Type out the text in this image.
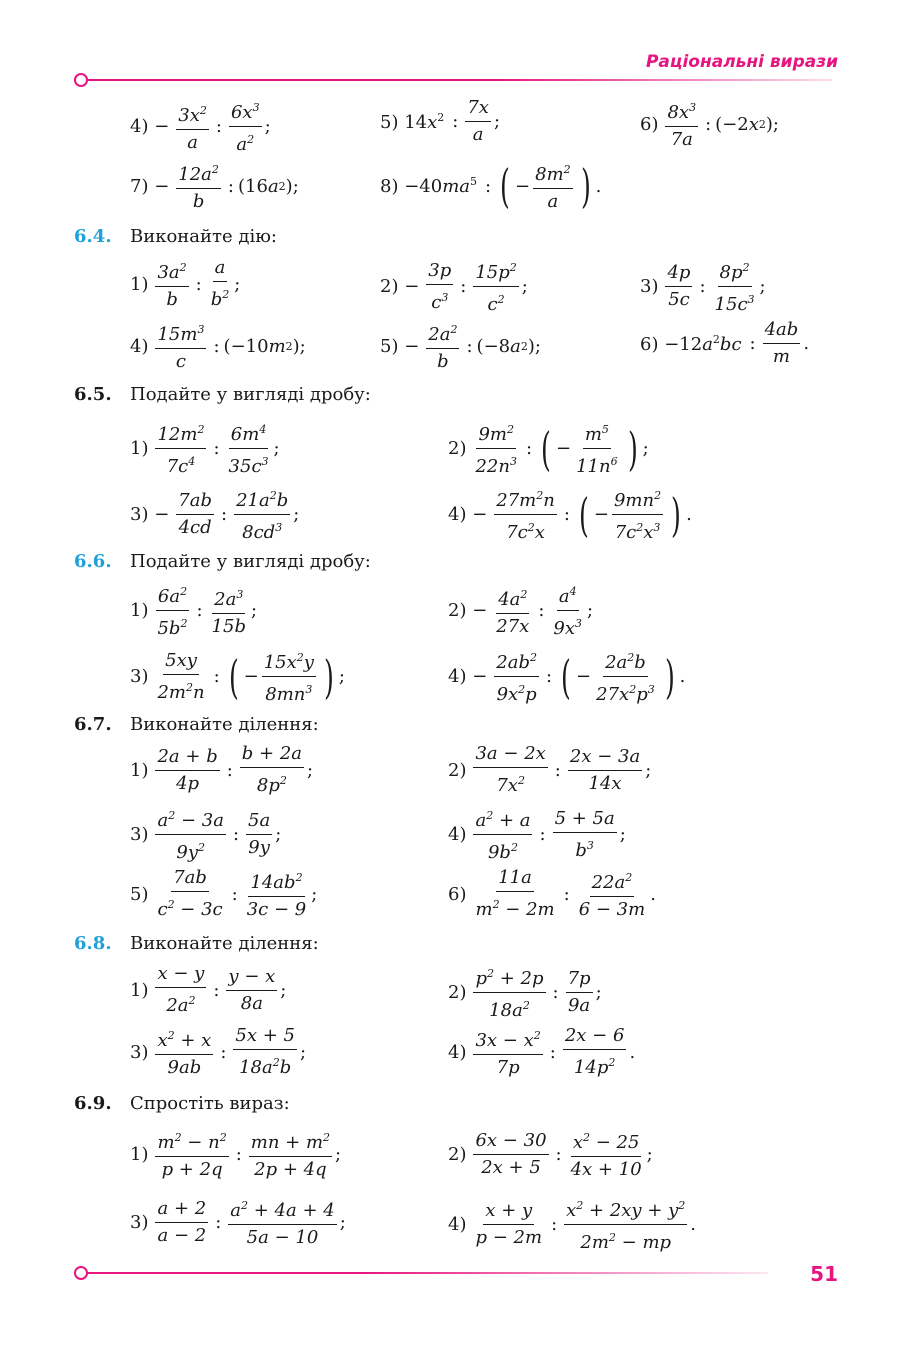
Раціональні вирази
$4) - \frac{3x^2}{a}$ : $\frac{6x^3}{a^2}$ ;	5) $14x^2$ : $\frac{7x}{a}$ ;	$6) \frac{8x^3}{7a}$ : (−2 x 2 );
$7) - \frac{12a^2}{b}$ : (16 a 2 );	$8) -40ma^5$ : ( − $\frac{8m^2}{a}$ ) .
6.4. Виконайте дію:
$1) \frac{3a^2}{b}$ : $\frac{a}{b^2}$ ;	$2) - \frac{3p}{c^3}$ : $\frac{15p^2}{c^2}$ ;	$3) \frac{4p}{5c}$ : $\frac{8p^2}{15c^3}$ ;
$4) \frac{15m^3}{c}$ : (−10 m 2 );	$5) - \frac{2a^2}{b}$ : (−8 a 2 );	$6) -12a^2bc$ : $\frac{4ab}{m}$ .
6.5. Подайте у вигляді дробу:
$1) \frac{12m^2}{7c^4}$ : $\frac{6m^4}{35c^3}$ ;	$2) \frac{9m^2}{22n^3}$ : ( − $\frac{m^5}{11n^6}$ ) ;
$3) - \frac{7ab}{4cd}$ : $\frac{21a^2b}{8cd^3}$ ;	$4) - \frac{27m^2n}{7c^2x}$ : ( − $\frac{9mn^2}{7c^2x^3}$ ) .
6.6. Подайте у вигляді дробу:
$1) \frac{6a^2}{5b^2}$ : $\frac{2a^3}{15b}$ ;	$2) - \frac{4a^2}{27x}$ : $\frac{a^4}{9x^3}$ ;
$3) \frac{5xy}{2m^2n}$ : ( − $\frac{15x^2y}{8mn^3}$ ) ;	$4) - \frac{2ab^2}{9x^2p}$ : ( − $\frac{2a^2b}{27x^2p^3}$ ) .
6.7. Виконайте ділення:
$1) \frac{2a + b}{4p}$ : $\frac{b + 2a}{8p^2}$ ;	$2) \frac{3a - 2x}{7x^2}$ : $\frac{2x - 3a}{14x}$ ;
$3) \frac{a^2 - 3a}{9y^2}$ : $\frac{5a}{9y}$ ;	$4) \frac{a^2 + a}{9b^2}$ : $\frac{5 + 5a}{b^3}$ ;
$5) \frac{7ab}{c^2 - 3c}$ : $\frac{14ab^2}{3c - 9}$ ;	$6) \frac{11a}{m^2 - 2m}$ : $\frac{22a^2}{6 - 3m}$ .
6.8. Виконайте ділення:
$1) \frac{x - y}{2a^2}$ : $\frac{y - x}{8a}$ ;	$2) \frac{p^2 + 2p}{18a^2}$ : $\frac{7p}{9a}$ ;
$3) \frac{x^2 + x}{9ab}$ : $\frac{5x + 5}{18a^2b}$ ;	$4) \frac{3x - x^2}{7p}$ : $\frac{2x - 6}{14p^2}$ .
6.9. Спростіть вираз:
$1) \frac{m^2 - n^2}{p + 2q}$ : $\frac{mn + m^2}{2p + 4q}$ ;	$2) \frac{6x - 30}{2x + 5}$ : $\frac{x^2 - 25}{4x + 10}$ ;
$3) \frac{a + 2}{a - 2}$ : $\frac{a^2 + 4a + 4}{5a - 10}$ ;	$4) \frac{x + y}{p - 2m}$ : $\frac{x^2 + 2xy + y^2}{2m^2 - mp}$ .
51
